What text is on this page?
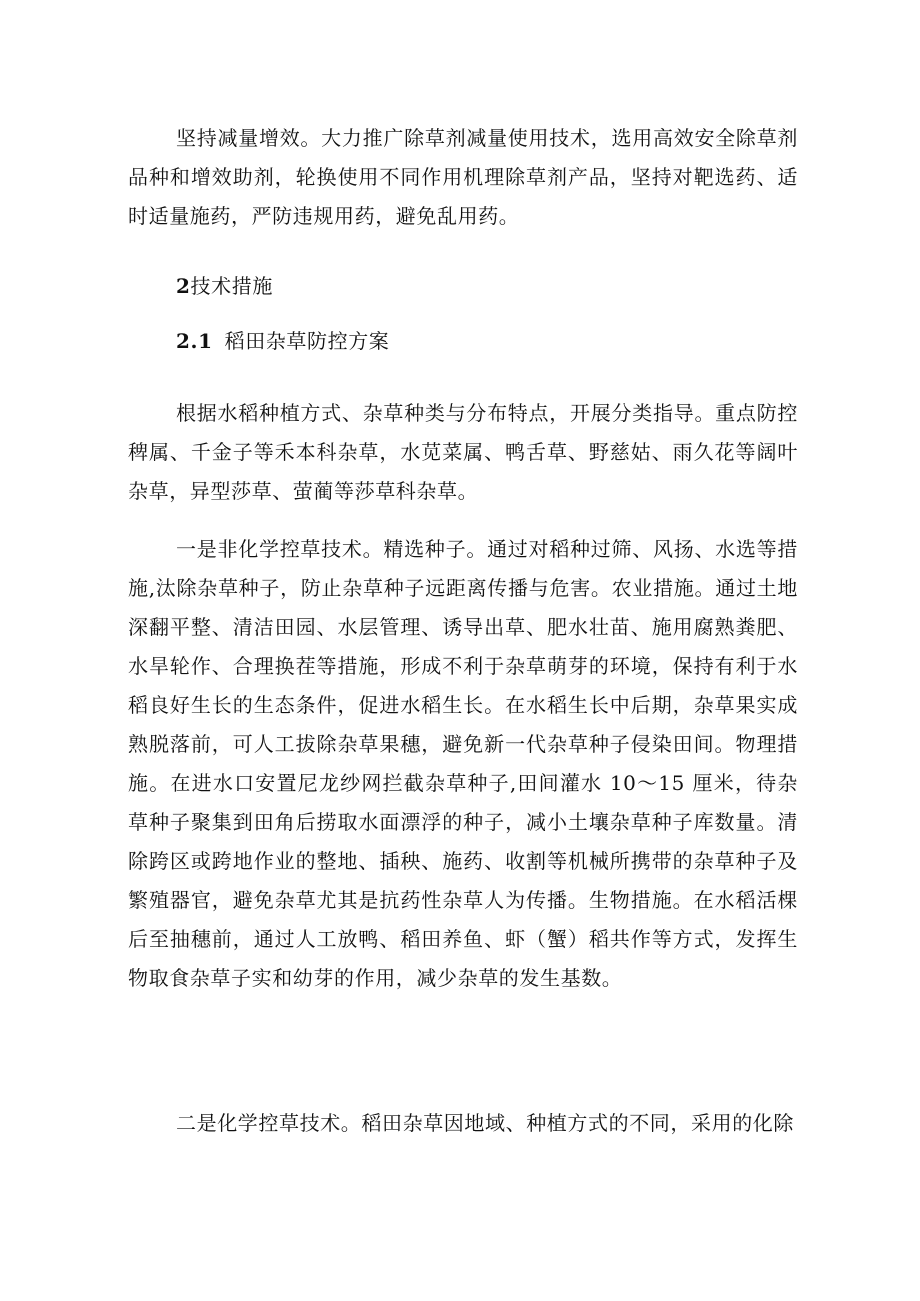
坚持减量增效。大力推广除草剂减量使用技术，选用高效安全除草剂品种和增效助剂，轮换使用不同作用机理除草剂产品，坚持对靶选药、适时适量施药，严防违规用药，避免乱用药。

2技术措施
2.1 稻田杂草防控方案

根据水稻种植方式、杂草种类与分布特点，开展分类指导。重点防控稗属、千金子等禾本科杂草，水苋菜属、鸭舌草、野慈姑、雨久花等阔叶杂草，异型莎草、萤蔺等莎草科杂草。

一是非化学控草技术。精选种子。通过对稻种过筛、风扬、水选等措施,汰除杂草种子，防止杂草种子远距离传播与危害。农业措施。通过土地深翻平整、清洁田园、水层管理、诱导出草、肥水壮苗、施用腐熟粪肥、水旱轮作、合理换茬等措施，形成不利于杂草萌芽的环境，保持有利于水稻良好生长的生态条件，促进水稻生长。在水稻生长中后期，杂草果实成熟脱落前，可人工拔除杂草果穗，避免新一代杂草种子侵染田间。物理措施。在进水口安置尼龙纱网拦截杂草种子,田间灌水 10～15 厘米，待杂草种子聚集到田角后捞取水面漂浮的种子，减小土壤杂草种子库数量。清除跨区或跨地作业的整地、插秧、施药、收割等机械所携带的杂草种子及繁殖器官，避免杂草尤其是抗药性杂草人为传播。生物措施。在水稻活棵后至抽穗前，通过人工放鸭、稻田养鱼、虾（蟹）稻共作等方式，发挥生物取食杂草子实和幼芽的作用，减少杂草的发生基数。

二是化学控草技术。稻田杂草因地域、种植方式的不同，采用的化除
